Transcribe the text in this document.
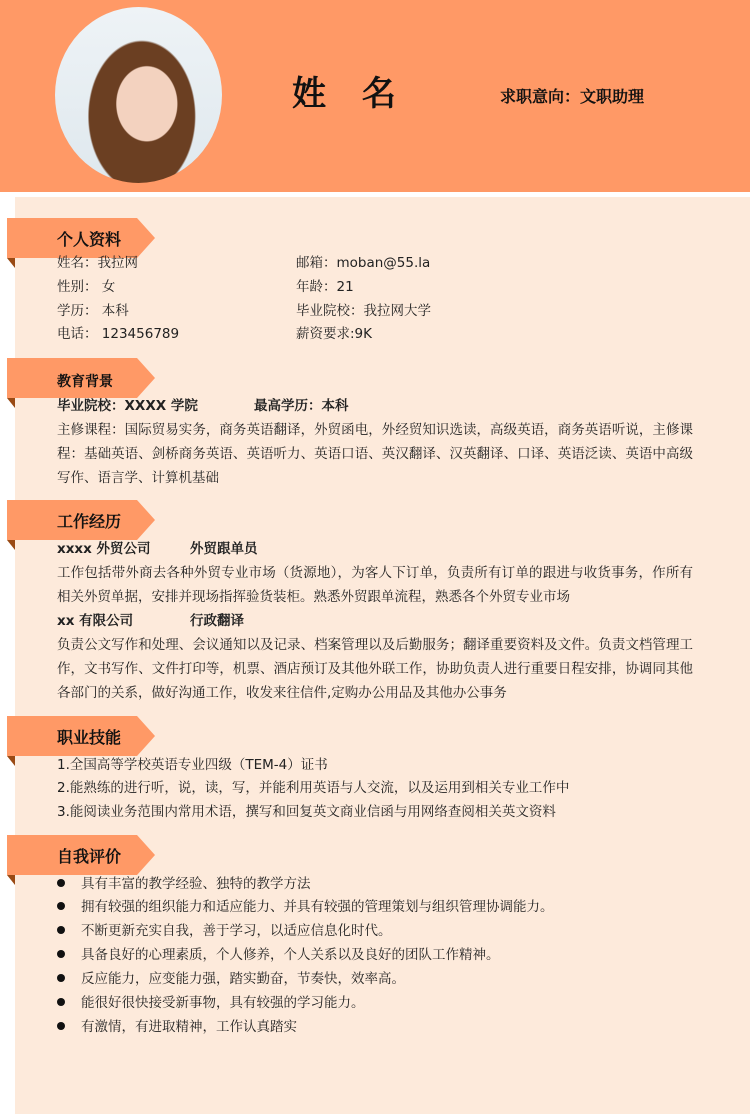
姓 名	求职意向：文职助理
个人资料
姓名：我拉网	邮箱：moban@55.la
性别： 女	年龄：21
学历： 本科	毕业院校：我拉网大学
电话： 123456789	薪资要求:9K
教育背景
毕业院校：XXXX 学院	最高学历：本科
主修课程：国际贸易实务，商务英语翻译，外贸函电，外经贸知识选读，高级英语，商务英语听说，主修课程：基础英语、剑桥商务英语、英语听力、英语口语、英汉翻译、汉英翻译、口译、英语泛读、英语中高级写作、语言学、计算机基础
工作经历
xxxx 外贸公司	外贸跟单员
工作包括带外商去各种外贸专业市场（货源地），为客人下订单，负责所有订单的跟进与收货事务，作所有相关外贸单据，安排并现场指挥验货装柜。熟悉外贸跟单流程，熟悉各个外贸专业市场
xx 有限公司	行政翻译
负责公文写作和处理、会议通知以及记录、档案管理以及后勤服务；翻译重要资料及文件。负责文档管理工作，文书写作、文件打印等，机票、酒店预订及其他外联工作，协助负责人进行重要日程安排，协调同其他各部门的关系，做好沟通工作，收发来往信件,定购办公用品及其他办公事务
职业技能
1.全国高等学校英语专业四级（TEM-4）证书
2.能熟练的进行听，说，读，写，并能利用英语与人交流，以及运用到相关专业工作中
3.能阅读业务范围内常用术语，撰写和回复英文商业信函与用网络查阅相关英文资料
自我评价
具有丰富的教学经验、独特的教学方法
拥有较强的组织能力和适应能力、并具有较强的管理策划与组织管理协调能力。
不断更新充实自我，善于学习，以适应信息化时代。
具备良好的心理素质，个人修养，个人关系以及良好的团队工作精神。
反应能力，应变能力强，踏实勤奋，节奏快，效率高。
能很好很快接受新事物，具有较强的学习能力。
有激情，有进取精神，工作认真踏实
